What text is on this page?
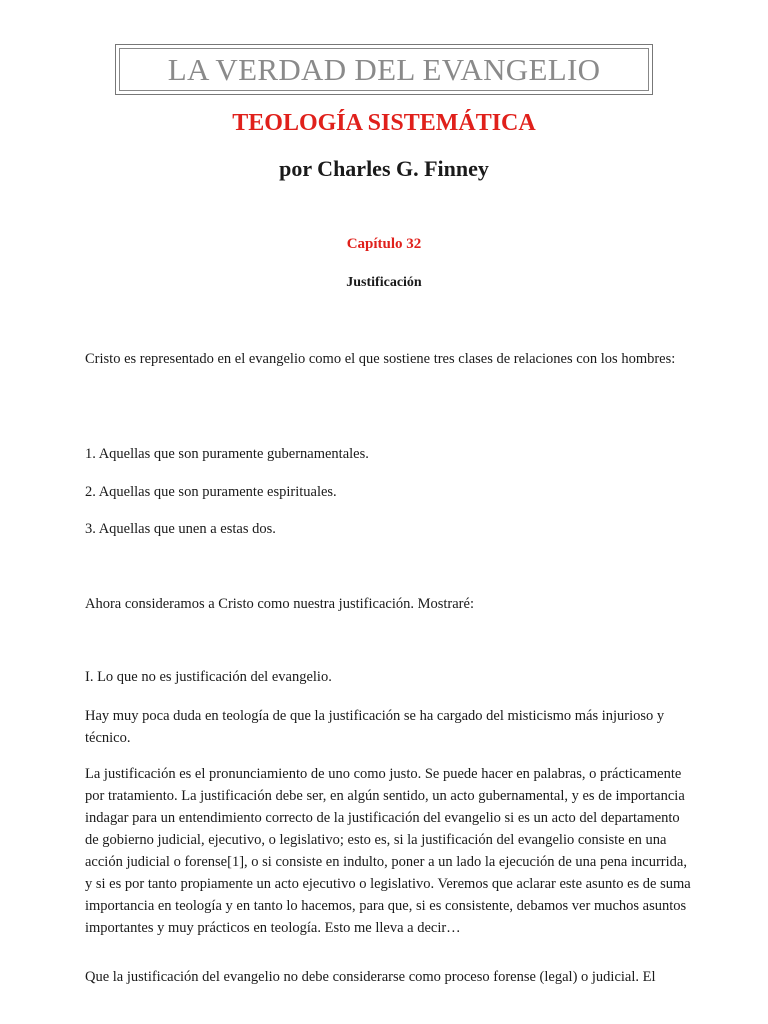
LA VERDAD DEL EVANGELIO
TEOLOGÍA SISTEMÁTICA
por Charles G. Finney
Capítulo 32
Justificación

Cristo es representado en el evangelio como el que sostiene tres clases de relaciones con los hombres:

1. Aquellas que son puramente gubernamentales.

2. Aquellas que son puramente espirituales.

3. Aquellas que unen a estas dos.

Ahora consideramos a Cristo como nuestra justificación. Mostraré:

I. Lo que no es justificación del evangelio.

Hay muy poca duda en teología de que la justificación se ha cargado del misticismo más injurioso y técnico.

La justificación es el pronunciamiento de uno como justo. Se puede hacer en palabras, o prácticamente por tratamiento. La justificación debe ser, en algún sentido, un acto gubernamental, y es de importancia indagar para un entendimiento correcto de la justificación del evangelio si es un acto del departamento de gobierno judicial, ejecutivo, o legislativo; esto es, si la justificación del evangelio consiste en una acción judicial o forense[1], o si consiste en indulto, poner a un lado la ejecución de una pena incurrida, y si es por tanto propiamente un acto ejecutivo o legislativo. Veremos que aclarar este asunto es de suma importancia en teología y en tanto lo hacemos, para que, si es consistente, debamos ver muchos asuntos importantes y muy prácticos en teología. Esto me lleva a decir…

Que la justificación del evangelio no debe considerarse como proceso forense (legal) o judicial. El
